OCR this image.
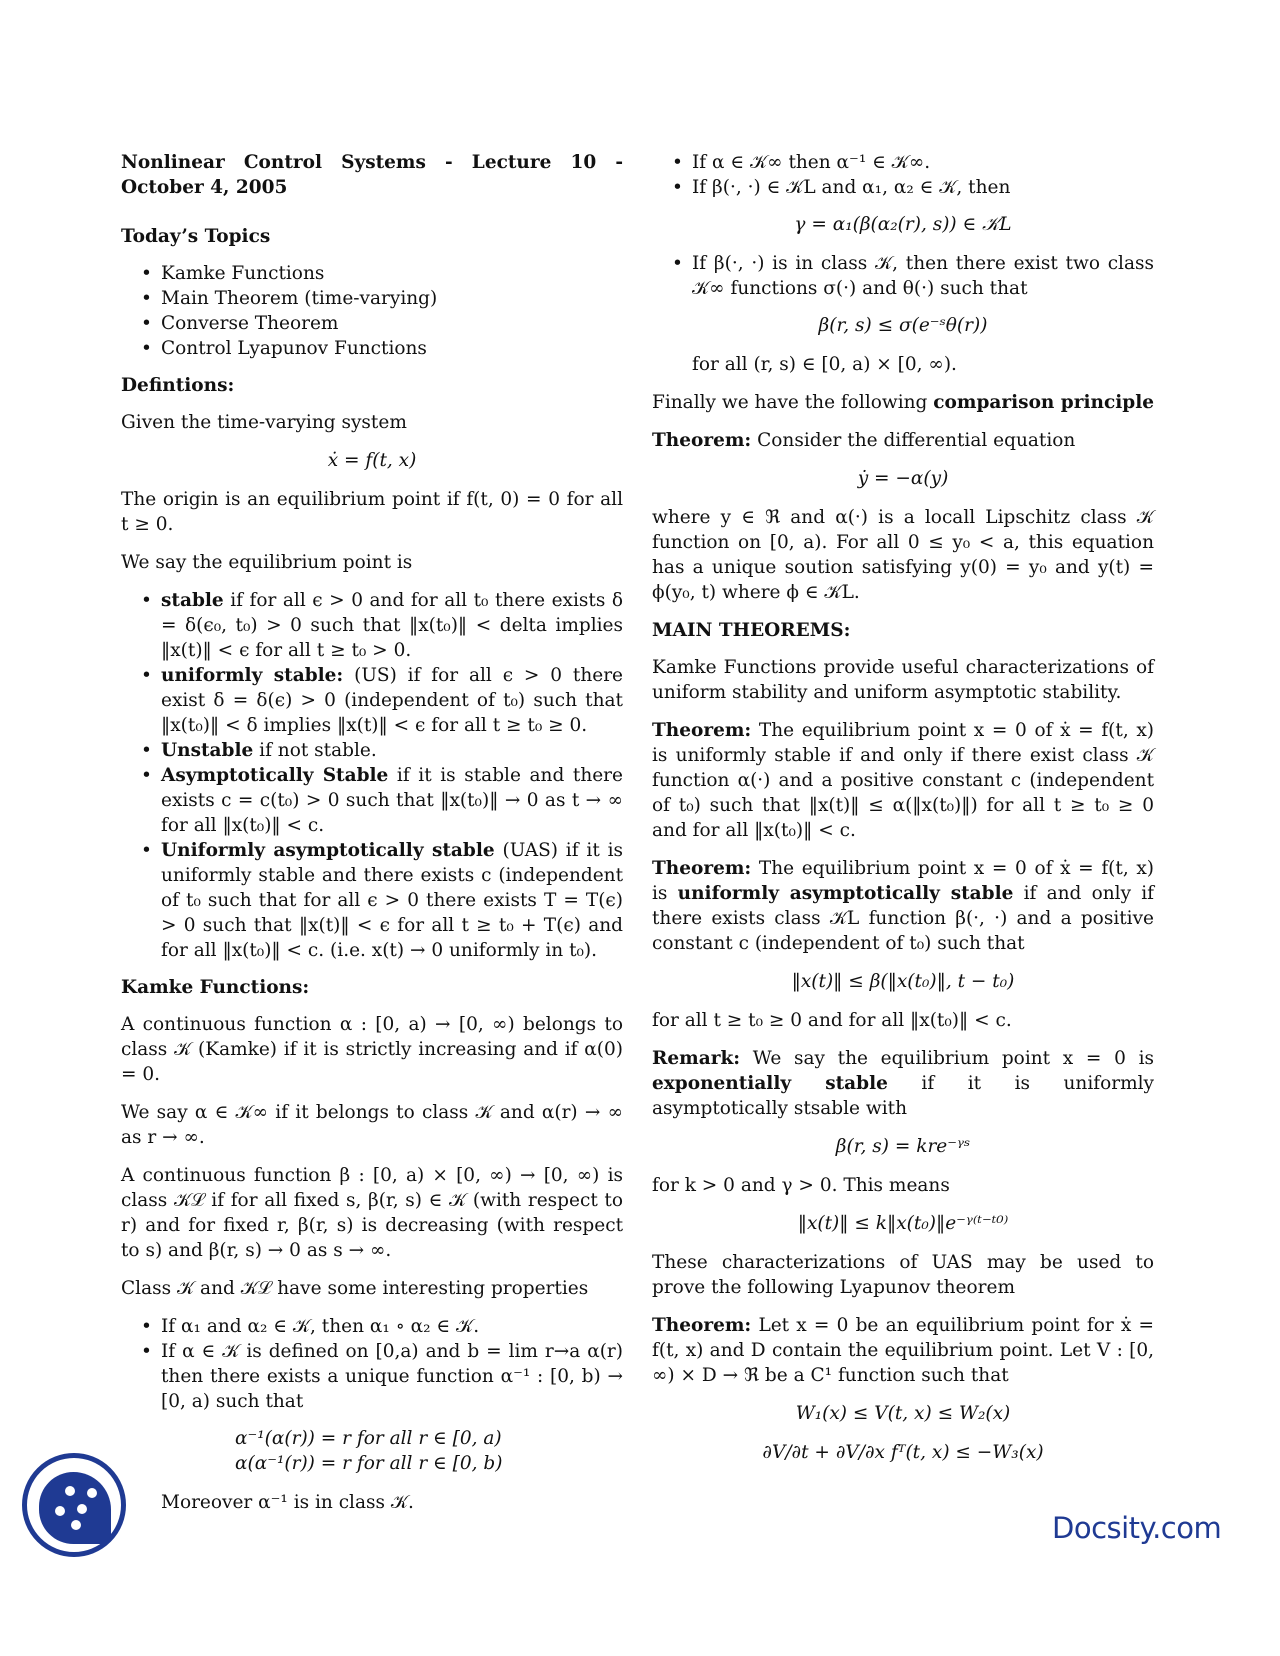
Nonlinear Control Systems - Lecture 10 - October 4, 2005

Today’s Topics

• Kamke Functions
• Main Theorem (time-varying)
• Converse Theorem
• Control Lyapunov Functions

Defintions:

Given the time-varying system

ẋ = f(t, x)

The origin is an equilibrium point if f(t, 0) = 0 for all t ≥ 0.

We say the equilibrium point is

• stable if for all ϵ > 0 and for all t₀ there exists δ = δ(ϵ₀, t₀) > 0 such that ‖x(t₀)‖ < delta implies ‖x(t)‖ < ϵ for all t ≥ t₀ > 0.
• uniformly stable: (US) if for all ϵ > 0 there exist δ = δ(ϵ) > 0 (independent of t₀) such that ‖x(t₀)‖ < δ implies ‖x(t)‖ < ϵ for all t ≥ t₀ ≥ 0.
• Unstable if not stable.
• Asymptotically Stable if it is stable and there exists c = c(t₀) > 0 such that ‖x(t₀)‖ → 0 as t → ∞ for all ‖x(t₀)‖ < c.
• Uniformly asymptotically stable (UAS) if it is uniformly stable and there exists c (independent of t₀ such that for all ϵ > 0 there exists T = T(ϵ) > 0 such that ‖x(t)‖ < ϵ for all t ≥ t₀ + T(ϵ) and for all ‖x(t₀)‖ < c. (i.e. x(t) → 0 uniformly in t₀).

Kamke Functions:

A continuous function α : [0, a) → [0, ∞) belongs to class 𝒦 (Kamke) if it is strictly increasing and if α(0) = 0.

We say α ∈ 𝒦∞ if it belongs to class 𝒦 and α(r) → ∞ as r → ∞.

A continuous function β : [0, a) × [0, ∞) → [0, ∞) is class 𝒦ℒ if for all fixed s, β(r, s) ∈ 𝒦 (with respect to r) and for fixed r, β(r, s) is decreasing (with respect to s) and β(r, s) → 0 as s → ∞.

Class 𝒦 and 𝒦ℒ have some interesting properties

• If α₁ and α₂ ∈ 𝒦, then α₁ ∘ α₂ ∈ 𝒦.
• If α ∈ 𝒦 is defined on [0,a) and b = lim r→a α(r) then there exists a unique function α⁻¹ : [0, b) → [0, a) such that
α⁻¹(α(r)) = r for all r ∈ [0, a)
α(α⁻¹(r)) = r for all r ∈ [0, b)

Moreover α⁻¹ is in class 𝒦.

• If α ∈ 𝒦∞ then α⁻¹ ∈ 𝒦∞.
• If β(·, ·) ∈ 𝒦L and α₁, α₂ ∈ 𝒦, then
γ = α₁(β(α₂(r), s)) ∈ 𝒦L
• If β(·, ·) is in class 𝒦, then there exist two class 𝒦∞ functions σ(·) and θ(·) such that
β(r, s) ≤ σ(e⁻ˢθ(r))

for all (r, s) ∈ [0, a) × [0, ∞).

Finally we have the following comparison principle

Theorem: Consider the differential equation

ẏ = −α(y)

where y ∈ ℜ and α(·) is a locall Lipschitz class 𝒦 function on [0, a). For all 0 ≤ y₀ < a, this equation has a unique soution satisfying y(0) = y₀ and y(t) = ϕ(y₀, t) where ϕ ∈ 𝒦L.

MAIN THEOREMS:

Kamke Functions provide useful characterizations of uniform stability and uniform asymptotic stability.

Theorem: The equilibrium point x = 0 of ẋ = f(t, x) is uniformly stable if and only if there exist class 𝒦 function α(·) and a positive constant c (independent of t₀) such that ‖x(t)‖ ≤ α(‖x(t₀)‖) for all t ≥ t₀ ≥ 0 and for all ‖x(t₀)‖ < c.

Theorem: The equilibrium point x = 0 of ẋ = f(t, x) is uniformly asymptotically stable if and only if there exists class 𝒦L function β(·, ·) and a positive constant c (independent of t₀) such that

‖x(t)‖ ≤ β(‖x(t₀)‖, t − t₀)

for all t ≥ t₀ ≥ 0 and for all ‖x(t₀)‖ < c.

Remark: We say the equilibrium point x = 0 is exponentially stable if it is uniformly asymptotically stsable with

β(r, s) = kre⁻ᵞˢ

for k > 0 and γ > 0. This means

‖x(t)‖ ≤ k‖x(t₀)‖e⁻ᵞ⁽ᵗ⁻ᵗ⁰⁾

These characterizations of UAS may be used to prove the following Lyapunov theorem

Theorem: Let x = 0 be an equilibrium point for ẋ = f(t, x) and D contain the equilibrium point. Let V : [0, ∞) × D → ℜ be a C¹ function such that

W₁(x) ≤ V(t, x) ≤ W₂(x)
∂V/∂t + ∂V/∂x fᵀ(t, x) ≤ −W₃(x)
Docsity.com
